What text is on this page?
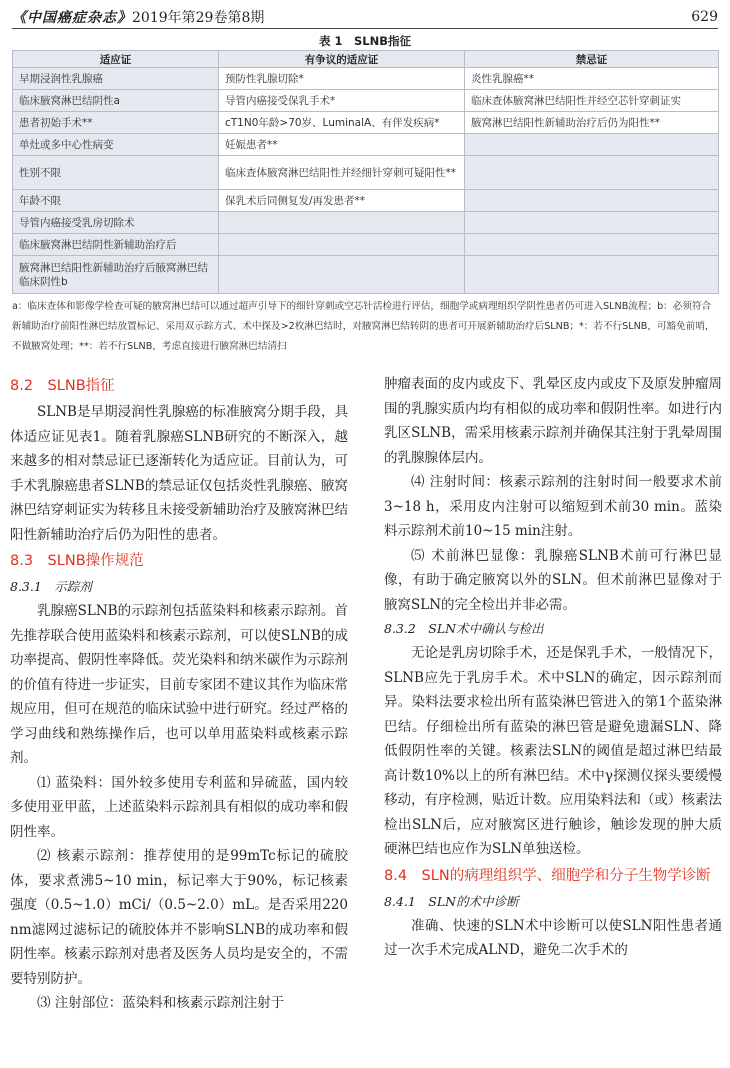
《中国癌症杂志》2019年第29卷第8期	629
表 1　SLNB指征
适应证	有争议的适应证	禁忌证
早期浸润性乳腺癌	预防性乳腺切除*	炎性乳腺癌**
临床腋窝淋巴结阴性a	导管内癌接受保乳手术*	临床查体腋窝淋巴结阳性并经空芯针穿刺证实
患者初始手术**	cT1N0年龄>70岁、LuminalA、有伴发疾病*	腋窝淋巴结阳性新辅助治疗后仍为阳性**
单灶或多中心性病变	妊娠患者**	
性别不限	临床查体腋窝淋巴结阳性并经细针穿刺可疑阳性**	
年龄不限	保乳术后同侧复发/再发患者**	
导管内癌接受乳房切除术		
临床腋窝淋巴结阴性新辅助治疗后		
腋窝淋巴结阳性新辅助治疗后腋窝淋巴结临床阴性b		
a：临床查体和影像学检查可疑的腋窝淋巴结可以通过超声引导下的细针穿刺或空芯针活检进行评估，细胞学或病理组织学阴性患者仍可进入SLNB流程；b：必须符合新辅助治疗前阳性淋巴结放置标记、采用双示踪方式、术中探及>2枚淋巴结时，对腋窝淋巴结转阴的患者可开展新辅助治疗后SLNB；*：若不行SLNB，可豁免前哨，不做腋窝处理；**：若不行SLNB，考虑直接进行腋窝淋巴结清扫
8.2　SLNB指征

SLNB是早期浸润性乳腺癌的标准腋窝分期手段，具体适应证见表1。随着乳腺癌SLNB研究的不断深入，越来越多的相对禁忌证已逐渐转化为适应证。目前认为，可手术乳腺癌患者SLNB的禁忌证仅包括炎性乳腺癌、腋窝淋巴结穿刺证实为转移且未接受新辅助治疗及腋窝淋巴结阳性新辅助治疗后仍为阳性的患者。

8.3　SLNB操作规范
8.3.1　示踪剂

乳腺癌SLNB的示踪剂包括蓝染料和核素示踪剂。首先推荐联合使用蓝染料和核素示踪剂，可以使SLNB的成功率提高、假阴性率降低。荧光染料和纳米碳作为示踪剂的价值有待进一步证实，目前专家团不建议其作为临床常规应用，但可在规范的临床试验中进行研究。经过严格的学习曲线和熟练操作后，也可以单用蓝染料或核素示踪剂。

⑴ 蓝染料：国外较多使用专利蓝和异硫蓝，国内较多使用亚甲蓝，上述蓝染料示踪剂具有相似的成功率和假阴性率。

⑵ 核素示踪剂：推荐使用的是99mTc标记的硫胶体，要求煮沸5~10 min，标记率大于90%，标记核素强度（0.5~1.0）mCi/（0.5~2.0）mL。是否采用220 nm滤网过滤标记的硫胶体并不影响SLNB的成功率和假阴性率。核素示踪剂对患者及医务人员均是安全的，不需要特别防护。

⑶ 注射部位：蓝染料和核素示踪剂注射于

肿瘤表面的皮内或皮下、乳晕区皮内或皮下及原发肿瘤周围的乳腺实质内均有相似的成功率和假阴性率。如进行内乳区SLNB，需采用核素示踪剂并确保其注射于乳晕周围的乳腺腺体层内。

⑷ 注射时间：核素示踪剂的注射时间一般要求术前3~18 h，采用皮内注射可以缩短到术前30 min。蓝染料示踪剂术前10~15 min注射。

⑸ 术前淋巴显像：乳腺癌SLNB术前可行淋巴显像，有助于确定腋窝以外的SLN。但术前淋巴显像对于腋窝SLN的完全检出并非必需。

8.3.2　SLN术中确认与检出

无论是乳房切除手术，还是保乳手术，一般情况下，SLNB应先于乳房手术。术中SLN的确定，因示踪剂而异。染料法要求检出所有蓝染淋巴管进入的第1个蓝染淋巴结。仔细检出所有蓝染的淋巴管是避免遗漏SLN、降低假阴性率的关键。核素法SLN的阈值是超过淋巴结最高计数10%以上的所有淋巴结。术中γ探测仪探头要缓慢移动，有序检测，贴近计数。应用染料法和（或）核素法检出SLN后，应对腋窝区进行触诊，触诊发现的肿大质硬淋巴结也应作为SLN单独送检。

8.4　SLN的病理组织学、细胞学和分子生物学诊断
8.4.1　SLN的术中诊断

准确、快速的SLN术中诊断可以使SLN阳性患者通过一次手术完成ALND，避免二次手术的
